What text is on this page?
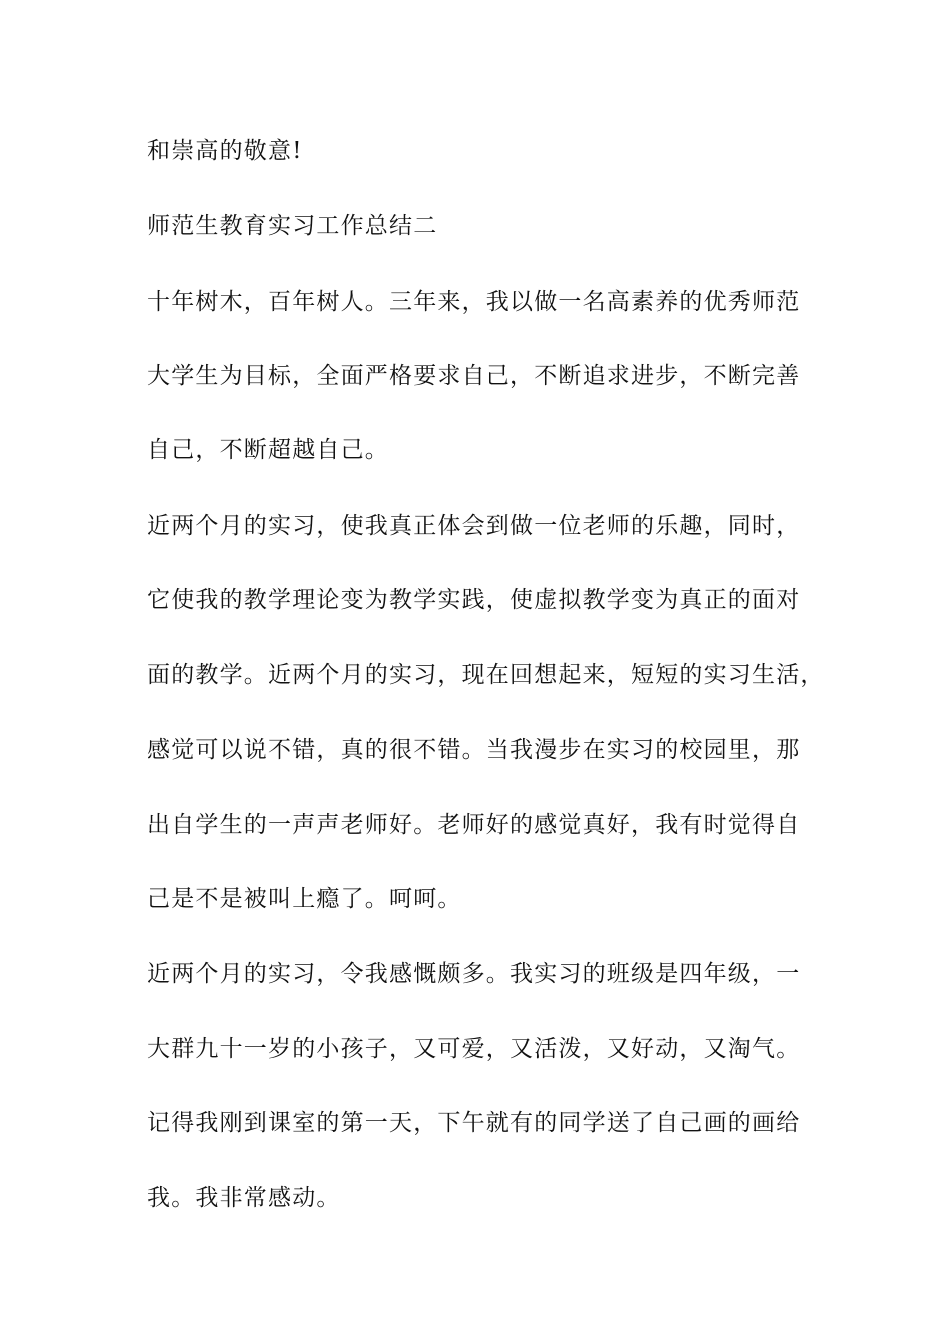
和崇高的敬意!
师范生教育实习工作总结二
十年树木，百年树人。三年来，我以做一名高素养的优秀师范
大学生为目标，全面严格要求自己，不断追求进步，不断完善
自己，不断超越自己。
近两个月的实习，使我真正体会到做一位老师的乐趣，同时，
它使我的教学理论变为教学实践，使虚拟教学变为真正的面对
面的教学。近两个月的实习，现在回想起来，短短的实习生活，
感觉可以说不错，真的很不错。当我漫步在实习的校园里，那
出自学生的一声声老师好。老师好的感觉真好，我有时觉得自
己是不是被叫上瘾了。呵呵。
近两个月的实习，令我感慨颇多。我实习的班级是四年级，一
大群九十一岁的小孩子，又可爱，又活泼，又好动，又淘气。
记得我刚到课室的第一天，下午就有的同学送了自己画的画给
我。我非常感动。
